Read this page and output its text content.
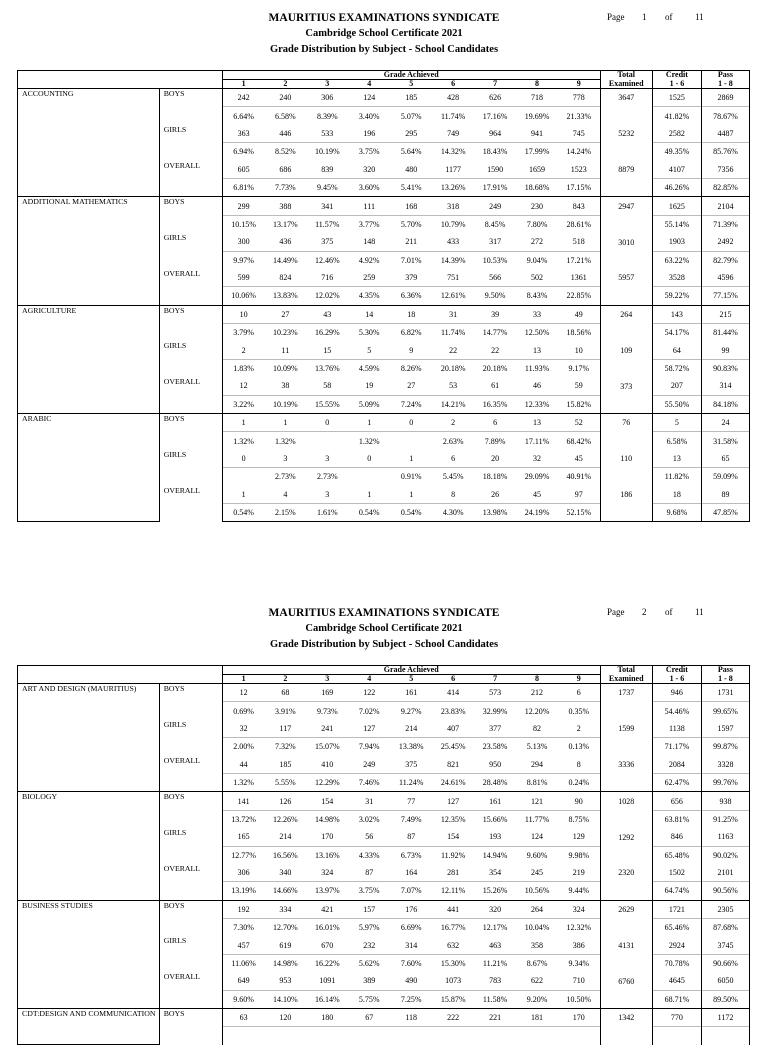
MAURITIUS EXAMINATIONS SYNDICATE
Cambridge School Certificate 2021
Grade Distribution by Subject - School Candidates
Page 1 of	11
		Grade Achieved									Total	Credit	Pass
		1	2	3	4	5	6	7	8	9	Examined	1 - 6	1 - 8
ACCOUNTING	BOYS	242	240	306	124	185	428	626	718	778	3647	1525	2869
		6.64%	6.58%	8.39%	3.40%	5.07%	11.74%	17.16%	19.69%	21.33%		41.82%	78.67%
	GIRLS	363	446	533	196	295	749	964	941	745	5232	2582	4487
		6.94%	8.52%	10.19%	3.75%	5.64%	14.32%	18.43%	17.99%	14.24%		49.35%	85.76%
	OVERALL	605	686	839	320	480	1177	1590	1659	1523	8879	4107	7356
		6.81%	7.73%	9.45%	3.60%	5.41%	13.26%	17.91%	18.68%	17.15%		46.26%	82.85%
ADDITIONAL MATHEMATICS	BOYS	299	388	341	111	168	318	249	230	843	2947	1625	2104
		10.15%	13.17%	11.57%	3.77%	5.70%	10.79%	8.45%	7.80%	28.61%		55.14%	71.39%
	GIRLS	300	436	375	148	211	433	317	272	518	3010	1903	2492
		9.97%	14.49%	12.46%	4.92%	7.01%	14.39%	10.53%	9.04%	17.21%		63.22%	82.79%
	OVERALL	599	824	716	259	379	751	566	502	1361	5957	3528	4596
		10.06%	13.83%	12.02%	4.35%	6.36%	12.61%	9.50%	8.43%	22.85%		59.22%	77.15%
AGRICULTURE	BOYS	10	27	43	14	18	31	39	33	49	264	143	215
		3.79%	10.23%	16.29%	5.30%	6.82%	11.74%	14.77%	12.50%	18.56%		54.17%	81.44%
	GIRLS	2	11	15	5	9	22	22	13	10	109	64	99
		1.83%	10.09%	13.76%	4.59%	8.26%	20.18%	20.18%	11.93%	9.17%		58.72%	90.83%
	OVERALL	12	38	58	19	27	53	61	46	59	373	207	314
		3.22%	10.19%	15.55%	5.09%	7.24%	14.21%	16.35%	12.33%	15.82%		55.50%	84.18%
ARABIC	BOYS	1	1	0	1	0	2	6	13	52	76	5	24
		1.32%	1.32%		1.32%		2.63%	7.89%	17.11%	68.42%		6.58%	31.58%
	GIRLS	0	3	3	0	1	6	20	32	45	110	13	65
			2.73%	2.73%		0.91%	5.45%	18.18%	29.09%	40.91%		11.82%	59.09%
	OVERALL	1	4	3	1	1	8	26	45	97	186	18	89
		0.54%	2.15%	1.61%	0.54%	0.54%	4.30%	13.98%	24.19%	52.15%		9.68%	47.85%
MAURITIUS EXAMINATIONS SYNDICATE
Cambridge School Certificate 2021
Grade Distribution by Subject - School Candidates
Page 2 of	11
		Grade Achieved									Total	Credit	Pass
		1	2	3	4	5	6	7	8	9	Examined	1 - 6	1 - 8
ART AND DESIGN (MAURITIUS)	BOYS	12	68	169	122	161	414	573	212	6	1737	946	1731
		0.69%	3.91%	9.73%	7.02%	9.27%	23.83%	32.99%	12.20%	0.35%		54.46%	99.65%
	GIRLS	32	117	241	127	214	407	377	82	2	1599	1138	1597
		2.00%	7.32%	15.07%	7.94%	13.38%	25.45%	23.58%	5.13%	0.13%		71.17%	99.87%
	OVERALL	44	185	410	249	375	821	950	294	8	3336	2084	3328
		1.32%	5.55%	12.29%	7.46%	11.24%	24.61%	28.48%	8.81%	0.24%		62.47%	99.76%
BIOLOGY	BOYS	141	126	154	31	77	127	161	121	90	1028	656	938
		13.72%	12.26%	14.98%	3.02%	7.49%	12.35%	15.66%	11.77%	8.75%		63.81%	91.25%
	GIRLS	165	214	170	56	87	154	193	124	129	1292	846	1163
		12.77%	16.56%	13.16%	4.33%	6.73%	11.92%	14.94%	9.60%	9.98%		65.48%	90.02%
	OVERALL	306	340	324	87	164	281	354	245	219	2320	1502	2101
		13.19%	14.66%	13.97%	3.75%	7.07%	12.11%	15.26%	10.56%	9.44%		64.74%	90.56%
BUSINESS STUDIES	BOYS	192	334	421	157	176	441	320	264	324	2629	1721	2305
		7.30%	12.70%	16.01%	5.97%	6.69%	16.77%	12.17%	10.04%	12.32%		65.46%	87.68%
	GIRLS	457	619	670	232	314	632	463	358	386	4131	2924	3745
		11.06%	14.98%	16.22%	5.62%	7.60%	15.30%	11.21%	8.67%	9.34%		70.78%	90.66%
	OVERALL	649	953	1091	389	490	1073	783	622	710	6760	4645	6050
		9.60%	14.10%	16.14%	5.75%	7.25%	15.87%	11.58%	9.20%	10.50%		68.71%	89.50%
CDT:DESIGN AND COMMUNICATION	BOYS	63	120	180	67	118	222	221	181	170	1342	770	1172
